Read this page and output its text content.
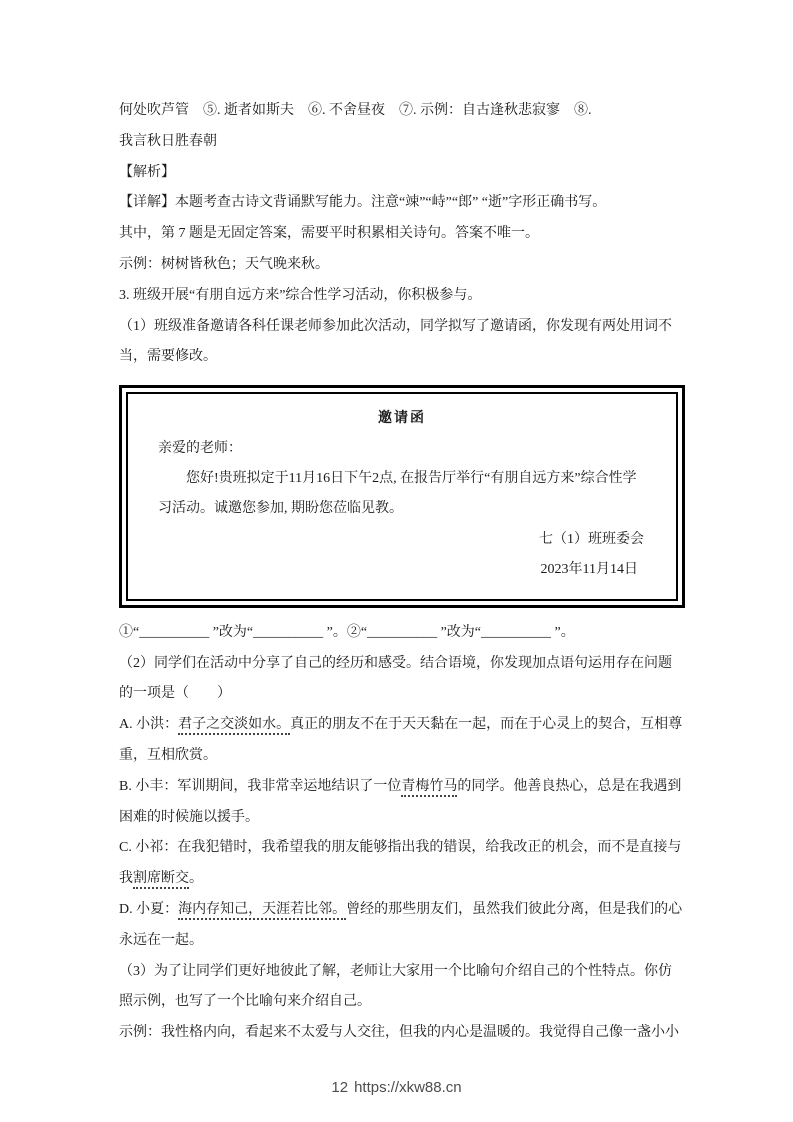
何处吹芦管　⑤. 逝者如斯夫　⑥. 不舍昼夜　⑦. 示例：自古逢秋悲寂寥　⑧.

我言秋日胜春朝

【解析】

【详解】本题考查古诗文背诵默写能力。注意“竦”“峙”“郎” “逝”字形正确书写。

其中，第 7 题是无固定答案，需要平时积累相关诗句。答案不唯一。

示例：树树皆秋色；天气晚来秋。

3. 班级开展“有朋自远方来”综合性学习活动，你积极参与。

（1）班级准备邀请各科任课老师参加此次活动，同学拟写了邀请函，你发现有两处用词不当，需要修改。

邀请函

亲爱的老师：

您好!贵班拟定于11月16日下午2点, 在报告厅举行“有朋自远方来”综合性学习活动。诚邀您参加, 期盼您莅临见教。

七（1）班班委会

2023年11月14日

①“__________ ”改为“__________ ”。②“__________ ”改为“__________ ”。

（2）同学们在活动中分享了自己的经历和感受。结合语境，你发现加点语句运用存在问题的一项是（　　）

A. 小洪：君子之交淡如水。真正的朋友不在于天天黏在一起，而在于心灵上的契合，互相尊重，互相欣赏。

B. 小丰：军训期间，我非常幸运地结识了一位青梅竹马的同学。他善良热心，总是在我遇到困难的时候施以援手。

C. 小祁：在我犯错时，我希望我的朋友能够指出我的错误，给我改正的机会，而不是直接与我割席断交。

D. 小夏：海内存知己，天涯若比邻。曾经的那些朋友们，虽然我们彼此分离，但是我们的心永远在一起。

（3）为了让同学们更好地彼此了解，老师让大家用一个比喻句介绍自己的个性特点。你仿照示例，也写了一个比喻句来介绍自己。

示例：我性格内向，看起来不太爱与人交往，但我的内心是温暖的。我觉得自己像一盏小小

12 https://xkw88.cn
